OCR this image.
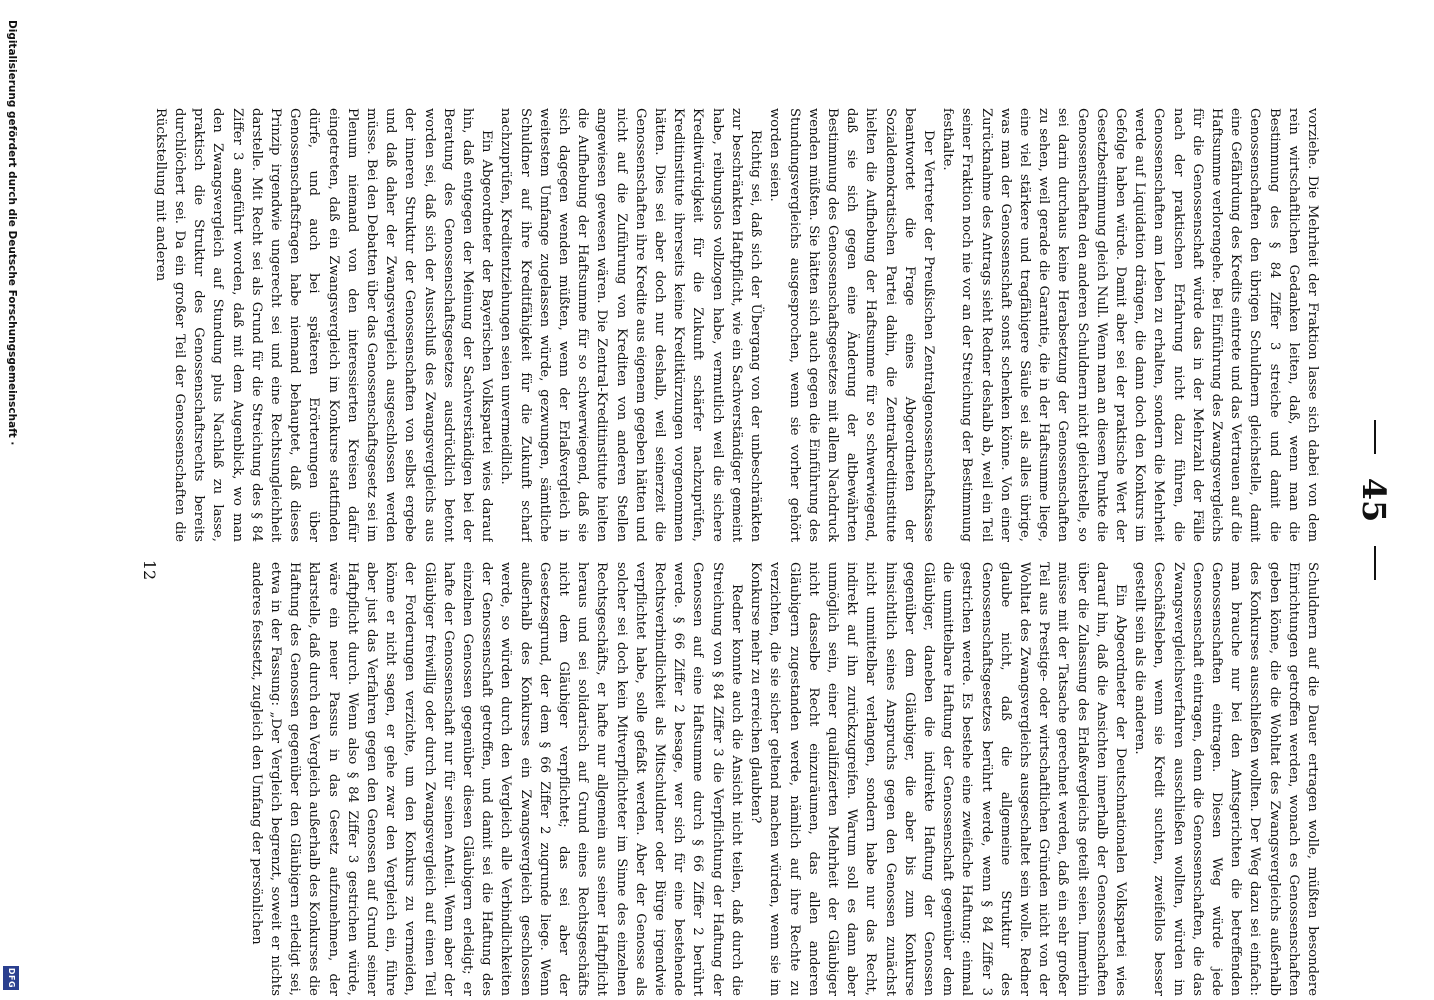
45

vorziehe. Die Mehrheit der Fraktion lasse sich dabei von dem rein wirtschaftlichen Gedanken leiten, daß, wenn man die Bestimmung des § 84 Ziffer 3 streiche und damit die Genossenschaften den übrigen Schuldnern gleichstelle, damit eine Gefährdung des Kredits eintrete und das Vertrauen auf die Haftsumme verlorengehe. Bei Einführung des Zwangsvergleichs für die Genossenschaft würde das in der Mehrzahl der Fälle nach der praktischen Erfahrung nicht dazu führen, die Genossenschaften am Leben zu erhalten, sondern die Mehrheit werde auf Liquidation drängen, die dann doch den Konkurs im Gefolge haben würde. Damit aber sei der praktische Wert der Gesetzbestimmung gleich Null. Wenn man an diesem Punkte die Genossenschaften den anderen Schuldnern nicht gleichstelle, so sei darin durchaus keine Herabsetzung der Genossenschaften zu sehen, weil gerade die Garantie, die in der Haftsumme liege, eine viel stärkere und tragfähigere Säule sei als alles übrige, was man der Genossenschaft sonst schenken könne. Von einer Zurücknahme des Antrags sieht Redner deshalb ab, weil ein Teil seiner Fraktion noch nie vor an der Streichung der Bestimmung festhalte.

Der Vertreter der Preußischen Zentralgenossenschaftskasse beantwortet die Frage eines Abgeordneten der Sozialdemokratischen Partei dahin, die Zentralkreditinstitute hielten die Aufhebung der Haftsumme für so schwerwiegend, daß sie sich gegen eine Änderung der altbewährten Bestimmung des Genossenschaftsgesetzes mit allem Nachdruck wenden müßten. Sie hätten sich auch gegen die Einführung des Stundungsvergleichs ausgesprochen, wenn sie vorher gehört worden seien.

Richtig sei, daß sich der Übergang von der unbeschränkten zur beschränkten Haftpflicht, wie ein Sachverständiger gemeint habe, reibungslos vollzogen habe, vermutlich weil die sichere Kreditwürdigkeit für die Zukunft schärfer nachzuprüfen, Kreditinstitute ihrerseits keine Kreditkürzungen vorgenommen hätten. Dies sei aber doch nur deshalb, weil seinerzeit die Genossenschaften ihre Kredite aus eigenem gegeben hätten und nicht auf die Zuführung von Krediten von anderen Stellen angewiesen gewesen wären. Die Zentral-Kreditinstitute hielten die Aufhebung der Haftsumme für so schwerwiegend, daß sie sich dagegen wenden müßten, wenn der Erlaßvergleich in weitestem Umfange zugelassen würde, gezwungen, sämtliche Schuldner auf ihre Kreditfähigkeit für die Zukunft scharf nachzuprüfen, Kreditentziehungen seien unvermeidlich.

Ein Abgeordneter der Bayerischen Volkspartei wies darauf hin, daß entgegen der Meinung der Sachverständigen bei der Beratung des Genossenschaftsgesetzes ausdrücklich betont worden sei, daß sich der Ausschluß des Zwangsvergleichs aus der inneren Struktur der Genossenschaften von selbst ergebe und daß daher der Zwangsvergleich ausgeschlossen werden müsse. Bei den Debatten über das Genossenschaftsgesetz sei im Plenum niemand von den interessierten Kreisen dafür eingetreten, daß ein Zwangsvergleich im Konkurse stattfinden dürfe, und auch bei späteren Erörterungen über Genossenschaftsfragen habe niemand behauptet, daß dieses Prinzip irgendwie ungerecht sei und eine Rechtsungleichheit darstelle. Mit Recht sei als Grund für die Streichung des § 84 Ziffer 3 angeführt worden, daß mit dem Augenblick, wo man den Zwangsvergleich auf Stundung plus Nachlaß zu lasse, praktisch die Struktur des Genossenschaftsrechts bereits durchlöchert sei. Da ein großer Teil der Genossenschaften die Rückstellung mit anderen

Schuldnern auf die Dauer ertragen wolle, müßten besondere Einrichtungen getroffen werden, wonach es Genossenschaften geben könne, die die Wohltat des Zwangsvergleichs außerhalb des Konkurses ausschließen wollten. Der Weg dazu sei einfach: man brauche nur bei den Amtsgerichten die betreffenden Genossenschaften eintragen. Diesen Weg würde jede Genossenschaft eintragen, denn die Genossenschaften, die das Zwangsvergleichsverfahren ausschließen wollten, würden im Geschäftsleben, wenn sie Kredit suchten, zweifellos besser gestellt sein als die anderen.

Ein Abgeordneter der Deutschnationalen Volkspartei wies darauf hin, daß die Ansichten innerhalb der Genossenschaften über die Zulassung des Erlaßvergleichs geteilt seien. Immerhin müsse mit der Tatsache gerechnet werden, daß ein sehr großer Teil aus Prestige- oder wirtschaftlichen Gründen nicht von der Wohltat des Zwangsvergleichs ausgeschaltet sein wolle. Redner glaube nicht, daß die allgemeine Struktur des Genossenschaftsgesetzes berührt werde, wenn § 84 Ziffer 3 gestrichen werde. Es bestehe eine zweifache Haftung: einmal die unmittelbare Haftung der Genossenschaft gegenüber dem Gläubiger, daneben die indirekte Haftung der Genossen gegenüber dem Gläubiger, die aber bis zum Konkurse hinsichtlich seines Anspruchs gegen den Genossen zunächst nicht unmittelbar verlangen, sondern habe nur das Recht, indirekt auf ihn zurückzugreifen. Warum soll es dann aber unmöglich sein, einer qualifizierten Mehrheit der Gläubiger nicht dasselbe Recht einzuräumen, das allen anderen Gläubigern zugestanden werde, nämlich auf ihre Rechte zu verzichten, die sie sicher geltend machen würden, wenn sie im Konkurse mehr zu erreichen glaubten?

Redner konnte auch die Ansicht nicht teilen, daß durch die Streichung von § 84 Ziffer 3 die Verpflichtung der Haftung der Genossen auf eine Haftsumme durch § 66 Ziffer 2 berührt werde. § 66 Ziffer 2 besage, wer sich für eine bestehende Rechtsverbindlichkeit als Mitschuldner oder Bürge irgendwie verpflichtet habe, solle gefaßt werden. Aber der Genosse als solcher sei doch kein Mitverpflichteter im Sinne des einzelnen Rechtsgeschäfts, er hafte nur allgemein aus seiner Haftpflicht heraus und sei solidarisch auf Grund eines Rechtsgeschäfts nicht dem Gläubiger verpflichtet; das sei aber der Gesetzesgrund, der dem § 66 Ziffer 2 zugrunde liege. Wenn außerhalb des Konkurses ein Zwangsvergleich geschlossen werde, so würden durch den Vergleich alle Verbindlichkeiten der Genossenschaft getroffen, und damit sei die Haftung des einzelnen Genossen gegenüber diesen Gläubigern erledigt; er hafte der Genossenschaft nur für seinen Anteil. Wenn aber der Gläubiger freiwillig oder durch Zwangsvergleich auf einen Teil der Forderungen verzichte, um den Konkurs zu vermeiden, könne er nicht sagen, er gehe zwar den Vergleich ein, führe aber just das Verfahren gegen den Genossen auf Grund seiner Haftpflicht durch. Wenn also § 84 Ziffer 3 gestrichen würde, wäre ein neuer Passus in das Gesetz aufzunehmen, der klarstelle, daß durch den Vergleich außerhalb des Konkurses die Haftung des Genossen gegenüber den Gläubigern erledigt sei, etwa in der Fassung: „Der Vergleich begrenzt, soweit er nichts anderes festsetzt, zugleich den Umfang der persönlichen

12
Digitalisierung gefördert durch die Deutsche Forschungsgemeinschaft ·
DFG
